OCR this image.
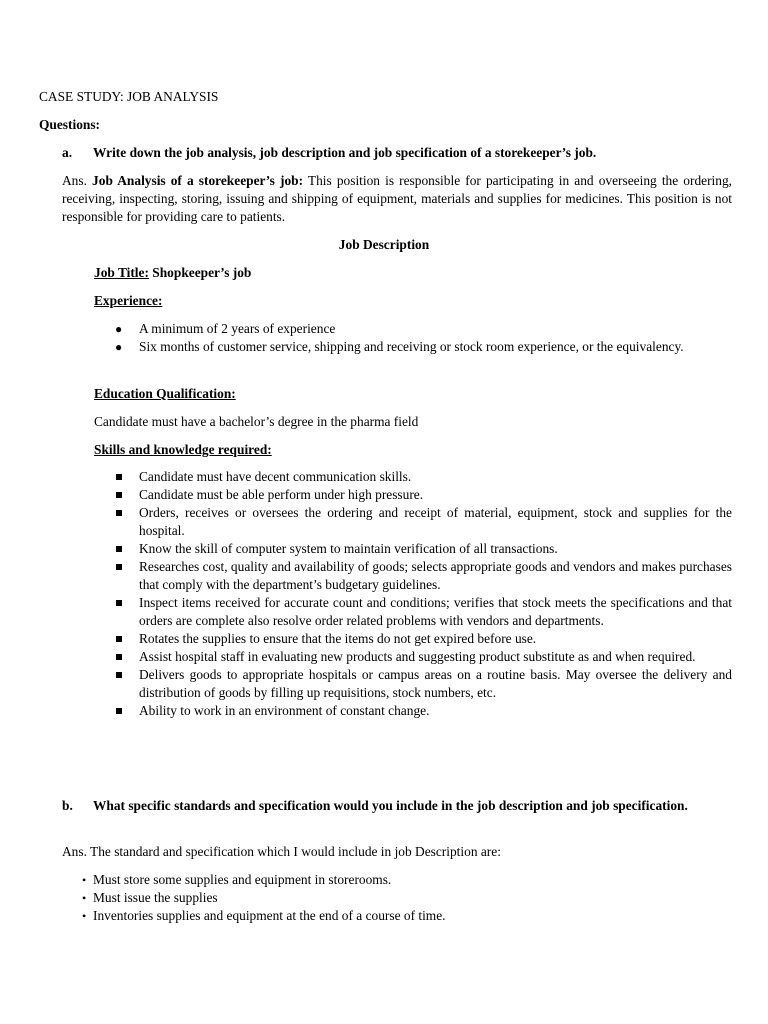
CASE STUDY: JOB ANALYSIS
Questions:
a. Write down the job analysis, job description and job specification of a storekeeper’s job.
Ans. Job Analysis of a storekeeper’s job: This position is responsible for participating in and overseeing the ordering, receiving, inspecting, storing, issuing and shipping of equipment, materials and supplies for medicines. This position is not responsible for providing care to patients.
Job Description
Job Title: Shopkeeper’s job
Experience:
● A minimum of 2 years of experience
● Six months of customer service, shipping and receiving or stock room experience, or the equivalency.
Education Qualification:
Candidate must have a bachelor’s degree in the pharma field
Skills and knowledge required:
Candidate must have decent communication skills.
Candidate must be able perform under high pressure.
Orders, receives or oversees the ordering and receipt of material, equipment, stock and supplies for the hospital.
Know the skill of computer system to maintain verification of all transactions.
Researches cost, quality and availability of goods; selects appropriate goods and vendors and makes purchases that comply with the department’s budgetary guidelines.
Inspect items received for accurate count and conditions; verifies that stock meets the specifications and that orders are complete also resolve order related problems with vendors and departments.
Rotates the supplies to ensure that the items do not get expired before use.
Assist hospital staff in evaluating new products and suggesting product substitute as and when required.
Delivers goods to appropriate hospitals or campus areas on a routine basis. May oversee the delivery and distribution of goods by filling up requisitions, stock numbers, etc.
Ability to work in an environment of constant change.
b. What specific standards and specification would you include in the job description and job specification.
Ans. The standard and specification which I would include in job Description are:
• Must store some supplies and equipment in storerooms.
• Must issue the supplies
• Inventories supplies and equipment at the end of a course of time.
